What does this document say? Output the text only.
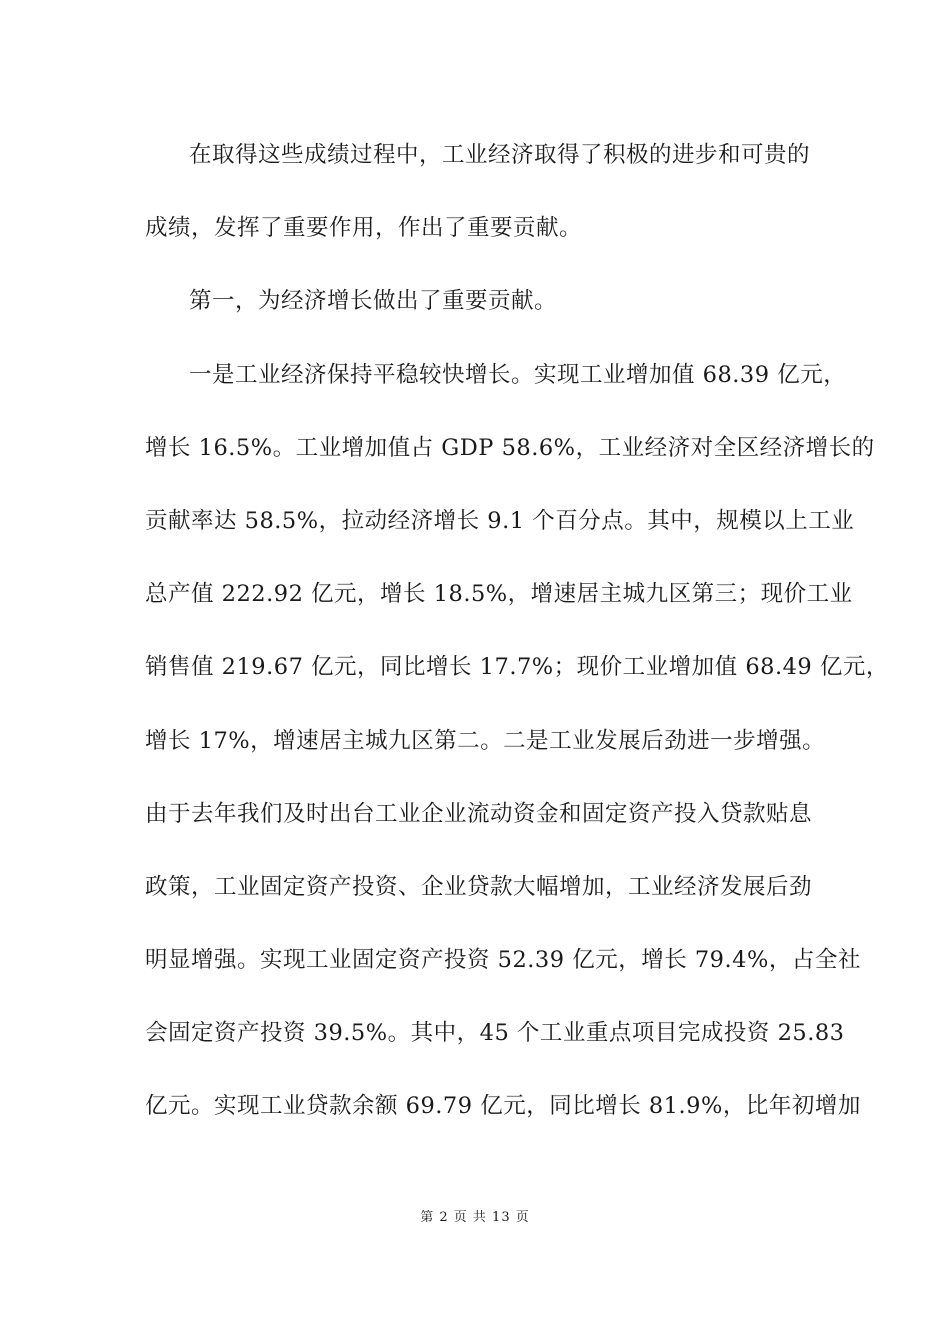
在取得这些成绩过程中，工业经济取得了积极的进步和可贵的
成绩，发挥了重要作用，作出了重要贡献。
第一，为经济增长做出了重要贡献。
一是工业经济保持平稳较快增长。实现工业增加值 68.39 亿元，
增长 16.5%。工业增加值占 GDP 58.6%，工业经济对全区经济增长的
贡献率达 58.5%，拉动经济增长 9.1 个百分点。其中，规模以上工业
总产值 222.92 亿元，增长 18.5%，增速居主城九区第三；现价工业
销售值 219.67 亿元，同比增长 17.7%；现价工业增加值 68.49 亿元，
增长 17%，增速居主城九区第二。二是工业发展后劲进一步增强。
由于去年我们及时出台工业企业流动资金和固定资产投入贷款贴息
政策，工业固定资产投资、企业贷款大幅增加，工业经济发展后劲
明显增强。实现工业固定资产投资 52.39 亿元，增长 79.4%，占全社
会固定资产投资 39.5%。其中，45 个工业重点项目完成投资 25.83
亿元。实现工业贷款余额 69.79 亿元，同比增长 81.9%，比年初增加
第 2 页 共 13 页
